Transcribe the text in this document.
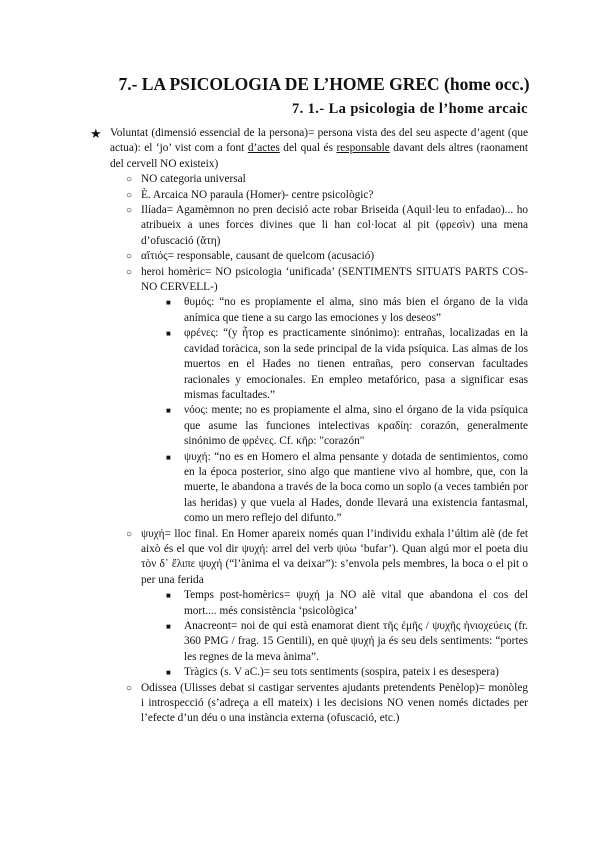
7.- LA PSICOLOGIA DE L’HOME GREC (home occ.)
7. 1.- La psicologia de l’home arcaic

★ Voluntat (dimensió essencial de la persona)= persona vista des del seu aspecte d’agent (que actua): el ‘jo’ vist com a font d’actes del qual és responsable davant dels altres (raonament del cervell NO existeix)

○ NO categoria universal

○ È. Arcaica NO paraula (Homer)- centre psicològic?

○ Ilíada= Agamèmnon no pren decisió acte robar Briseida (Aquil·leu to enfadao)... ho atribueix a unes forces divines que li han col·locat al pit (φρεσὶν) una mena d’ofuscació (ἄτη)

○ αἴτιός= responsable, causant de quelcom (acusació)

○ heroi homèric= NO psicologia ‘unificada’ (SENTIMENTS SITUATS PARTS COS- NO CERVELL-)

■ θυμός: “no es propiamente el alma, sino más bien el órgano de la vida anímica que tiene a su cargo las emociones y los deseos”

■ φρένες: “(y ἦτορ es practicamente sinónimo): entrañas, localizadas en la cavidad toràcica, son la sede principal de la vida psíquica. Las almas de los muertos en el Hades no tienen entrañas, pero conservan facultades racionales y emocionales. En empleo metafórico, pasa a significar esas mismas facultades.”

■ νόος: mente; no es propiamente el alma, sino el órgano de la vida psíquica que asume las funciones intelectivas κραδίη: corazón, generalmente sinónimo de φρένες. Cf. κῆρ: "corazón"

■ ψυχή: “no es en Homero el alma pensante y dotada de sentimientos, como en la época posterior, sino algo que mantiene vivo al hombre, que, con la muerte, le abandona a través de la boca como un soplo (a veces también por las heridas) y que vuela al Hades, donde llevará una existencia fantasmal, como un mero reflejo del difunto.”

○ ψυχή= lloc final. En Homer apareix només quan l’individu exhala l’últim alè (de fet això és el que vol dir ψυχή: arrel del verb ψύω ‘bufar’). Quan algú mor el poeta diu τὸν δ᾽ ἔλιπε ψυχή (“l’ànima el va deixar”): s’envola pels membres, la boca o el pit o per una ferida

■ Temps post-homèrics= ψυχή ja NO alè vital que abandona el cos del mort.... més consistència ‘psicològica’

■ Anacreont= noi de qui està enamorat dient τῆς ἐμῆς / ψυχῆς ἡνιοχεύεις (fr. 360 PMG / frag. 15 Gentili), en què ψυχή ja és seu dels sentiments: “portes les regnes de la meva ànima”.

■ Tràgics (s. V aC.)= seu tots sentiments (sospira, pateix i es desespera)

○ Odissea (Ulisses debat si castigar serventes ajudants pretendents Penèlop)= monòleg i introspecció (s’adreça a ell mateix) i les decisions NO venen només dictades per l’efecte d’un déu o una instància externa (ofuscació, etc.)
